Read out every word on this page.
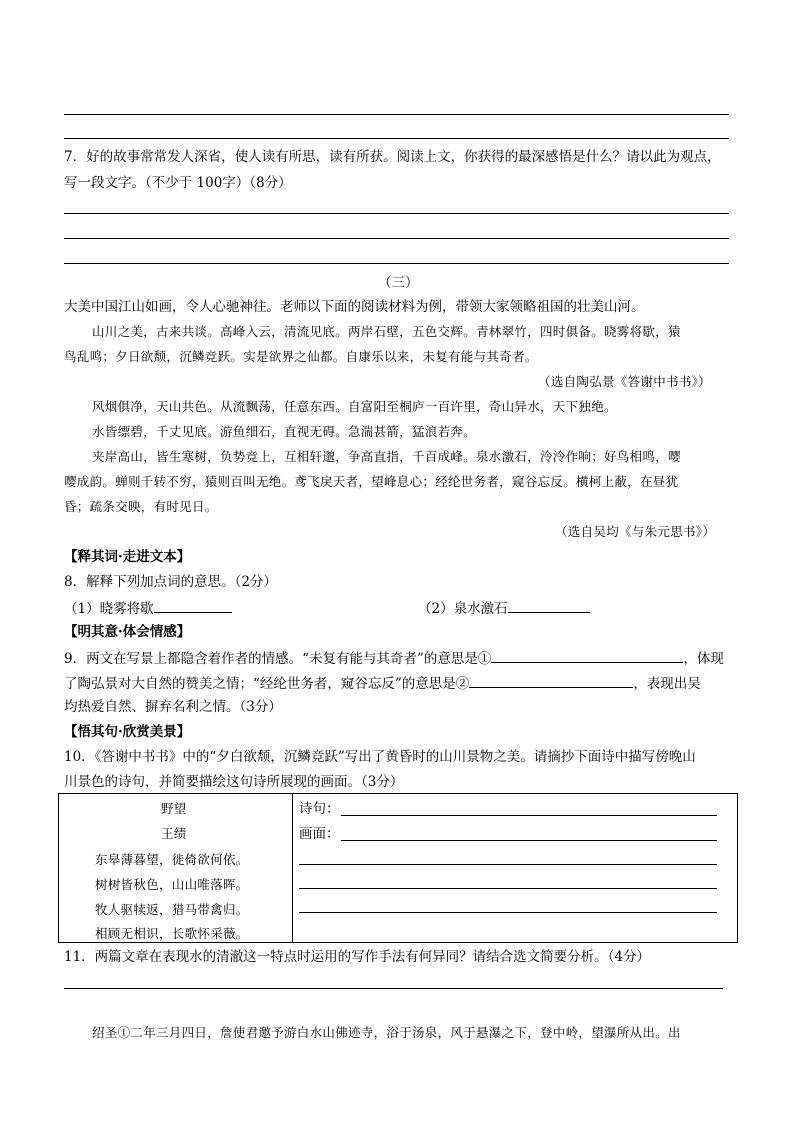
7．好的故事常常发人深省，使人读有所思，读有所获。阅读上文，你获得的最深感悟是什么？请以此为观点，
写一段文字。（不少于 100字）（8分）
（三）
大美中国江山如画，令人心驰神往。老师以下面的阅读材料为例，带领大家领略祖国的壮美山河。
山川之美，古来共谈。高峰入云，清流见底。两岸石壁，五色交辉。青林翠竹，四时俱备。晓雾将歇，猿
鸟乱鸣；夕日欲颓，沉鳞竞跃。实是欲界之仙都。自康乐以来，未复有能与其奇者。
（选自陶弘景《答谢中书书》）
风烟俱净，天山共色。从流飘荡，任意东西。自富阳至桐庐一百许里，奇山异水，天下独绝。
水皆缥碧，千丈见底。游鱼细石，直视无碍。急湍甚箭，猛浪若奔。
夹岸高山，皆生寒树，负势竞上，互相轩邈，争高直指，千百成峰。泉水激石，泠泠作响；好鸟相鸣，嘤
嘤成韵。蝉则千转不穷，猿则百叫无绝。鸢飞戾天者，望峰息心；经纶世务者，窥谷忘反。横柯上蔽，在昼犹
昏；疏条交映，有时见日。
（选自吴均《与朱元思书》）
【释其词·走进文本】
8．解释下列加点词的意思。（2分）
（1）晓雾将歇	（2）泉水激石
【明其意·体会情感】
9．两文在写景上都隐含着作者的情感。“未复有能与其奇者”的意思是①	，体现
了陶弘景对大自然的赞美之情；“经纶世务者，窥谷忘反”的意思是②	，表现出吴
均热爱自然、摒弃名利之情。（3分）
【悟其句·欣赏美景】
10．《答谢中书书》中的“夕白欲颓，沉鳞竞跃”写出了黄昏时的山川景物之美。请摘抄下面诗中描写傍晚山
川景色的诗句，并简要描绘这句诗所展现的画面。（3分）
野望
王绩
东皋薄暮望，徙倚欲何依。
树树皆秋色，山山唯落晖。
牧人驱犊返，猎马带禽归。
相顾无相识，长歌怀采薇。

诗句：
画面：
11．两篇文章在表现水的清澈这一特点时运用的写作手法有何异同？请结合选文简要分析。（4分）
绍圣①二年三月四日，詹使君邀予游白水山佛迹寺，浴于汤泉，风于悬瀑之下，登中岭，望瀑所从出。出
